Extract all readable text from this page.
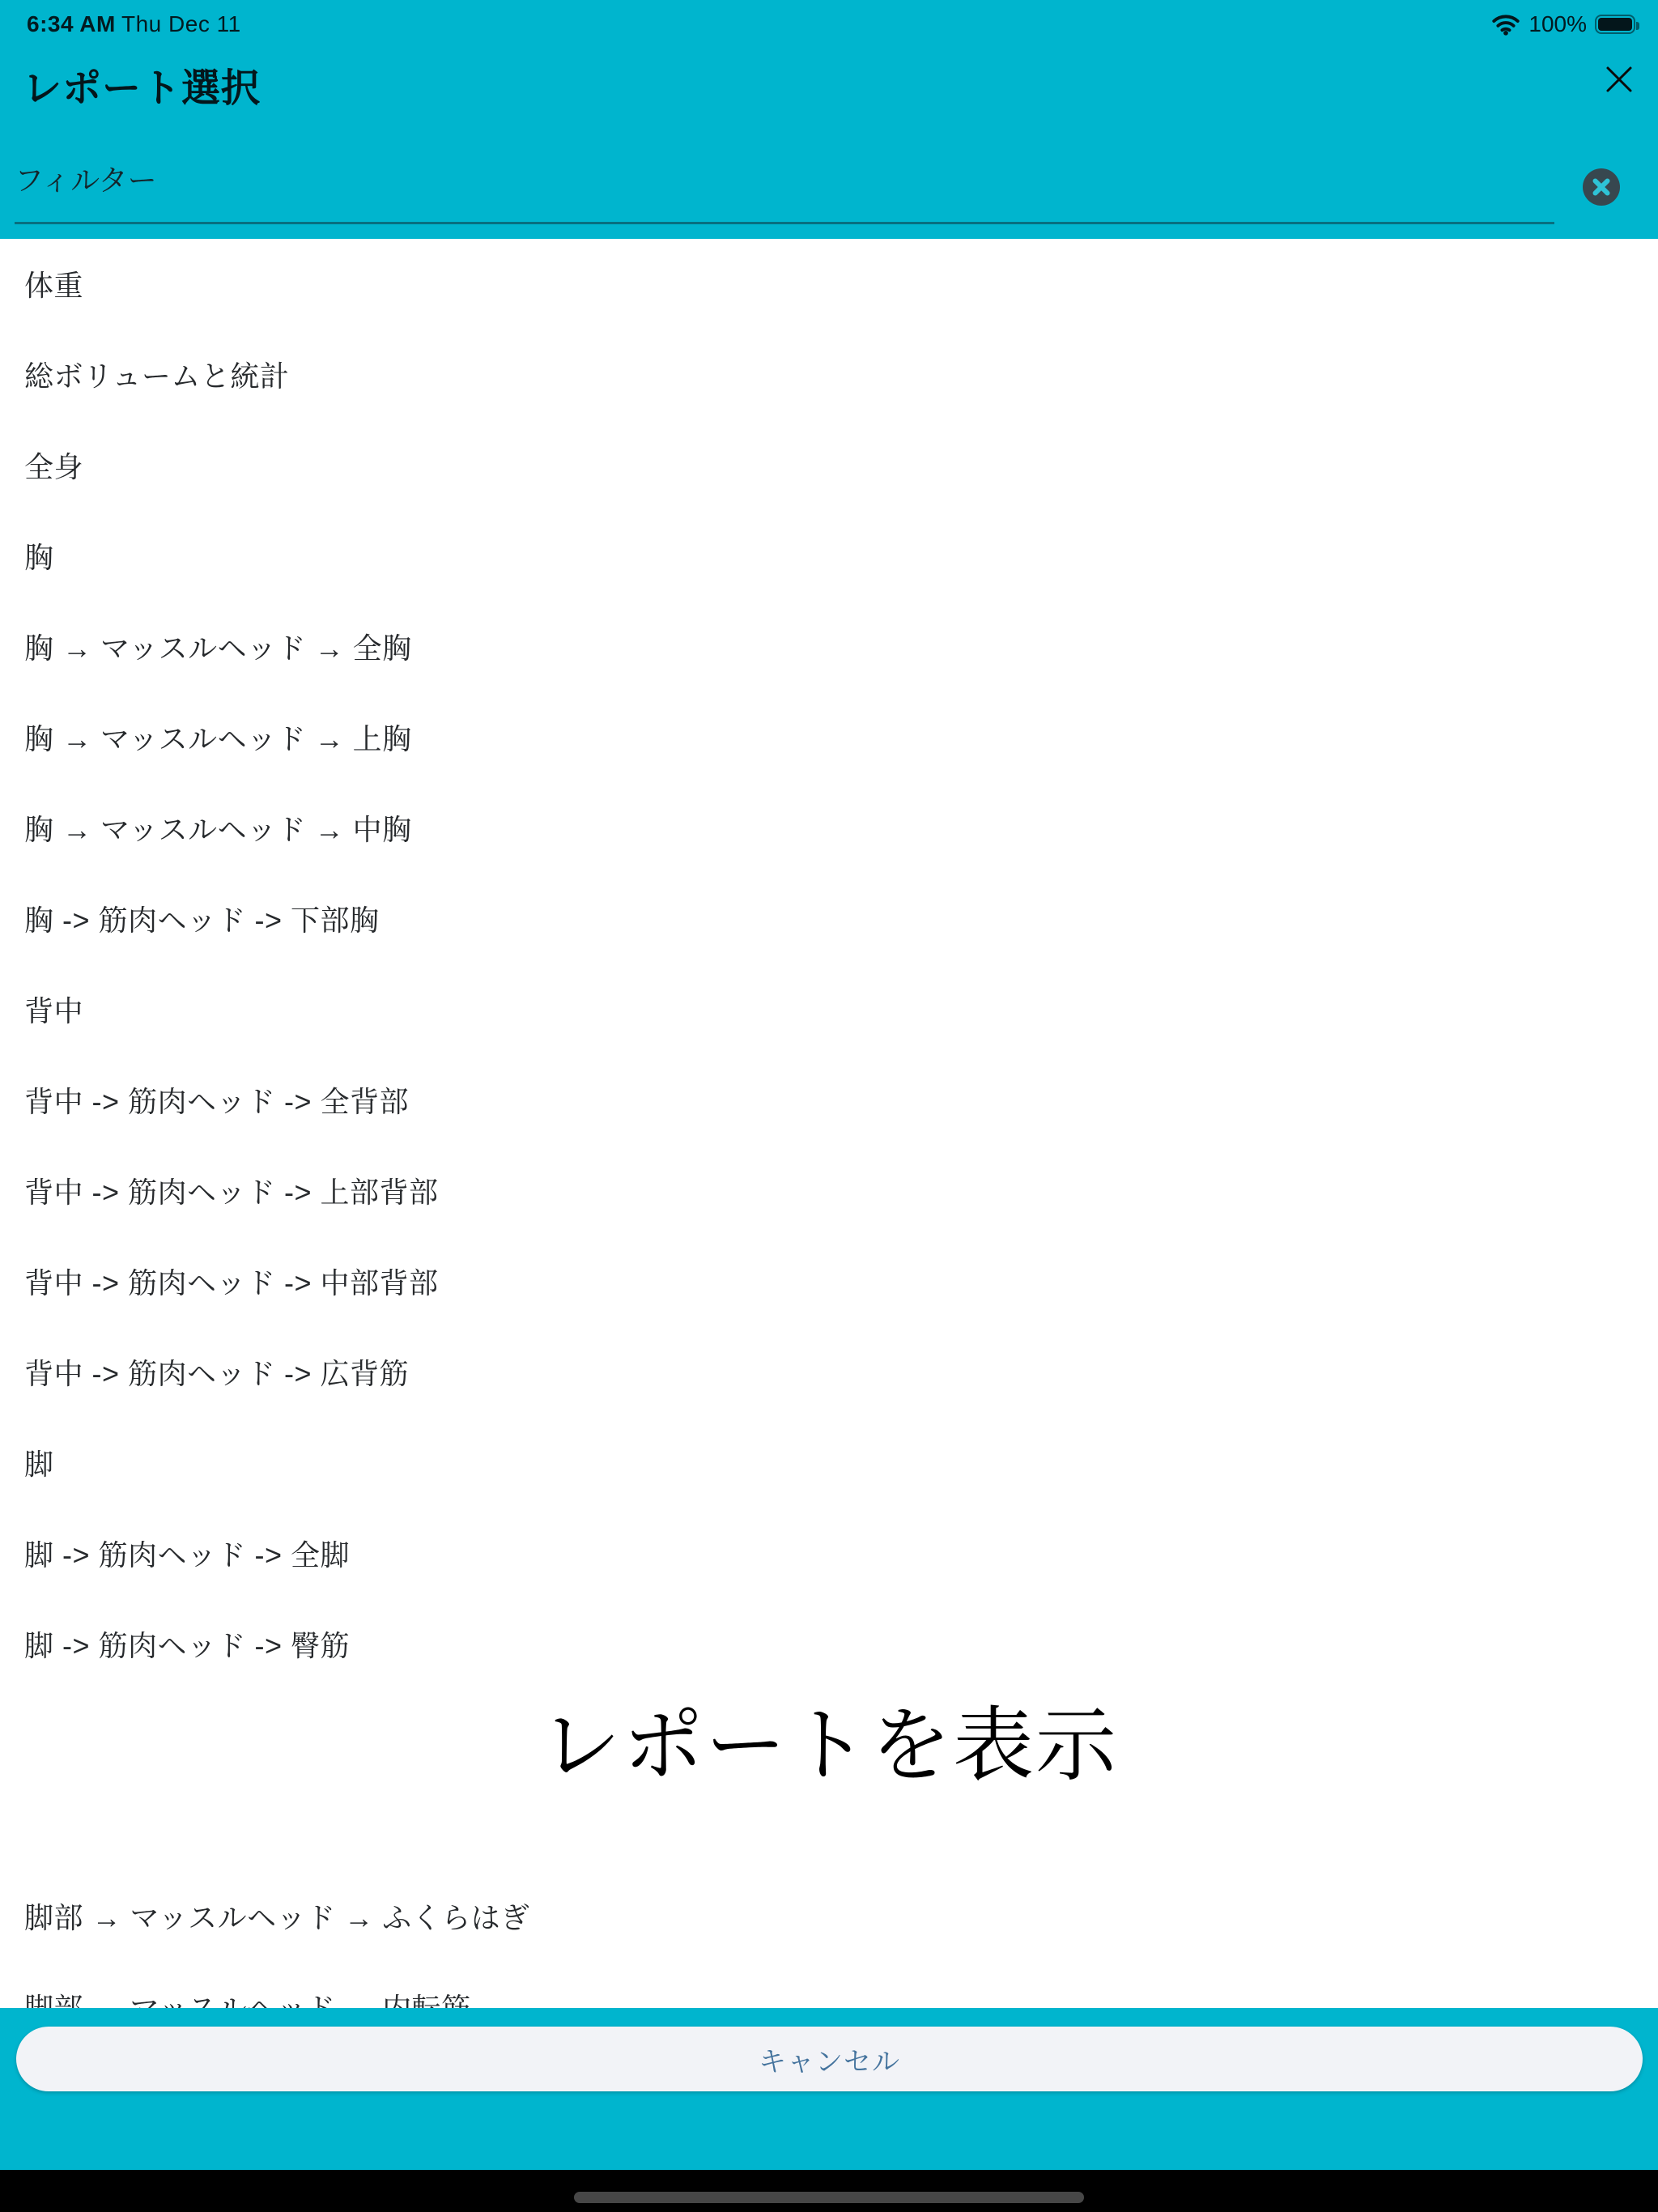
体重
総ボリュームと統計
全身
胸
胸 → マッスルヘッド → 全胸
胸 → マッスルヘッド → 上胸
胸 → マッスルヘッド → 中胸
胸 -> 筋肉ヘッド -> 下部胸
背中
背中 -> 筋肉ヘッド -> 全背部
背中 -> 筋肉ヘッド -> 上部背部
背中 -> 筋肉ヘッド -> 中部背部
背中 -> 筋肉ヘッド -> 広背筋
脚
脚 -> 筋肉ヘッド -> 全脚
脚 -> 筋肉ヘッド -> 臀筋
レポートを表示
脚部 → マッスルヘッド → ふくらはぎ
6:34 AM Thu Dec 11	100%
レポート選択
フィルター
キャンセル
